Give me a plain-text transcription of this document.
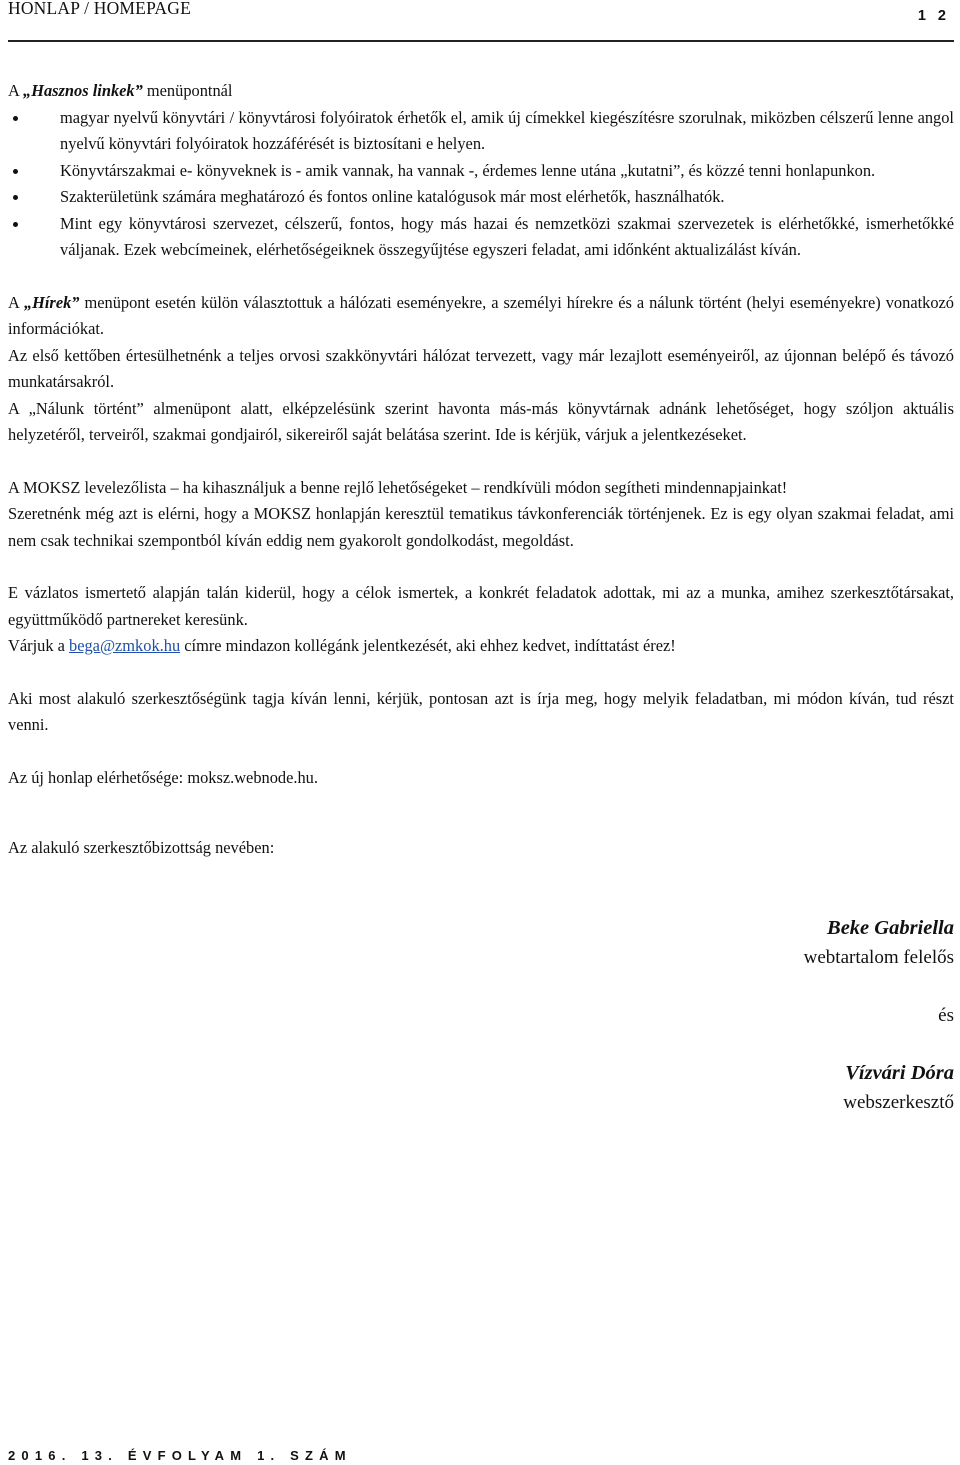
HONLAP / HOMEPAGE	1 2

A „Hasznos linkek” menüpontnál

magyar nyelvű könyvtári / könyvtárosi folyóiratok érhetők el, amik új címekkel kiegészítésre szorulnak, miközben célszerű lenne angol nyelvű könyvtári folyóiratok hozzáférését is biztosítani e helyen.
Könyvtárszakmai e- könyveknek is - amik vannak, ha vannak -, érdemes lenne utána „kutatni”, és közzé tenni honlapunkon.
Szakterületünk számára meghatározó és fontos online katalógusok már most elérhetők, használhatók.
Mint egy könyvtárosi szervezet, célszerű, fontos, hogy más hazai és nemzetközi szakmai szervezetek is elérhetőkké, ismerhetőkké váljanak. Ezek webcímeinek, elérhetőségeiknek összegyűjtése egyszeri feladat, ami időnként aktualizálást kíván.

A „Hírek” menüpont esetén külön választottuk a hálózati eseményekre, a személyi hírekre és a nálunk történt (helyi eseményekre) vonatkozó információkat.

Az első kettőben értesülhetnénk a teljes orvosi szakkönyvtári hálózat tervezett, vagy már lezajlott eseményeiről, az újonnan belépő és távozó munkatársakról.

A „Nálunk történt” almenüpont alatt, elképzelésünk szerint havonta más-más könyvtárnak adnánk lehetőséget, hogy szóljon aktuális helyzetéről, terveiről, szakmai gondjairól, sikereiről saját belátása szerint. Ide is kérjük, várjuk a jelentkezéseket.

A MOKSZ levelezőlista – ha kihasználjuk a benne rejlő lehetőségeket – rendkívüli módon segítheti mindennapjainkat!

Szeretnénk még azt is elérni, hogy a MOKSZ honlapján keresztül tematikus távkonferenciák történjenek. Ez is egy olyan szakmai feladat, ami nem csak technikai szempontból kíván eddig nem gyakorolt gondolkodást, megoldást.

E vázlatos ismertető alapján talán kiderül, hogy a célok ismertek, a konkrét feladatok adottak, mi az a munka, amihez szerkesztőtársakat, együttműködő partnereket keresünk.

Várjuk a bega@zmkok.hu címre mindazon kollégánk jelentkezését, aki ehhez kedvet, indíttatást érez!

Aki most alakuló szerkesztőségünk tagja kíván lenni, kérjük, pontosan azt is írja meg, hogy melyik feladatban, mi módon kíván, tud részt venni.

Az új honlap elérhetősége: moksz.webnode.hu.

Az alakuló szerkesztőbizottság nevében:

Beke Gabriella
webtartalom felelős
és
Vízvári Dóra
webszerkesztő
2016. 13. ÉVFOLYAM 1. SZÁM
